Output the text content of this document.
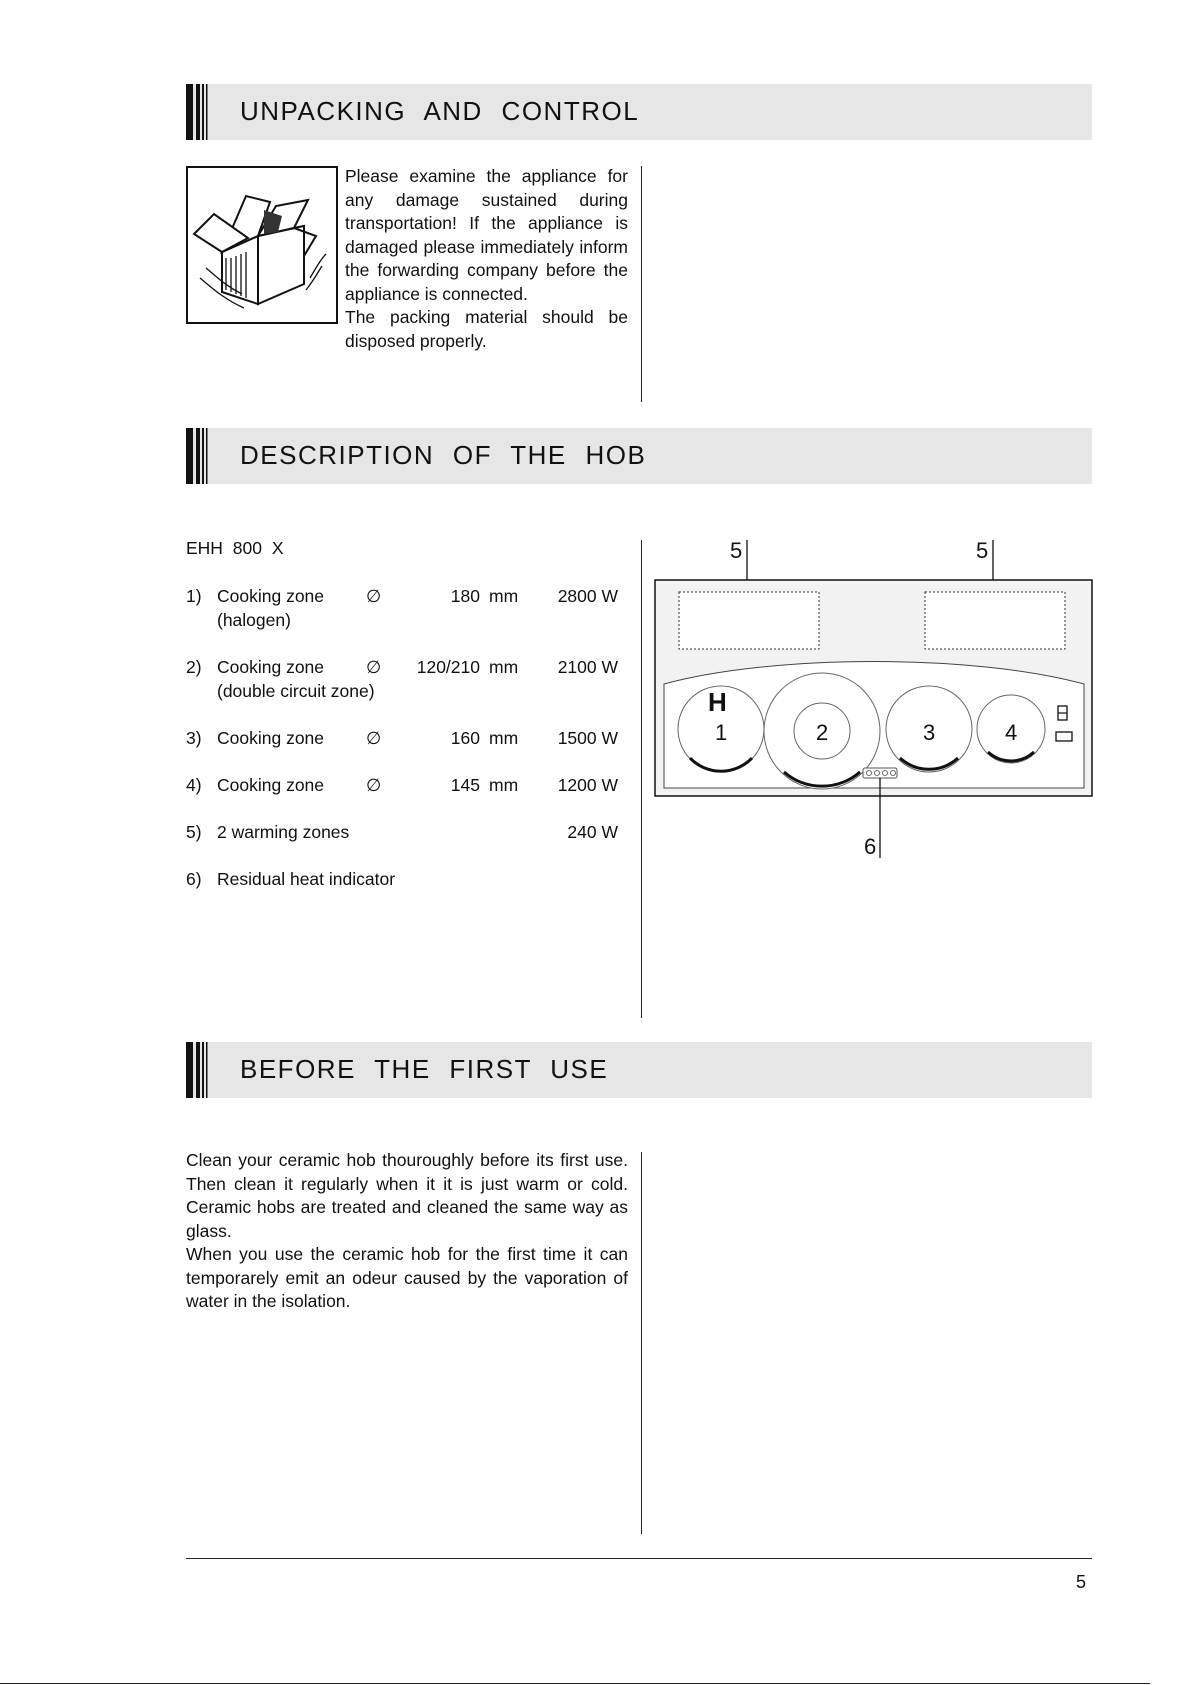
UNPACKING AND CONTROL

Please examine the appliance for any damage sustained during transportation! If the appliance is damaged please immediately inform the forwarding company before the appliance is connected.

The packing material should be disposed properly.

DESCRIPTION OF THE HOB
EHH 800 X
1) Cooking zone
(halogen)
∅	180 mm	2800 W
2) Cooking zone
(double circuit zone)
∅	120/210 mm	2100 W
3) Cooking zone ∅	160 mm	1500 W
4) Cooking zone ∅	145 mm	1200 W
5) 2 warming zones	240 W
6) Residual heat indicator
5	5
6
H
1	2	3	4
BEFORE THE FIRST USE

Clean your ceramic hob thouroughly before its first use. Then clean it regularly when it it is just warm or cold. Ceramic hobs are treated and cleaned the same way as glass.

When you use the ceramic hob for the first time it can temporarely emit an odeur caused by the vaporation of water in the isolation.

5
